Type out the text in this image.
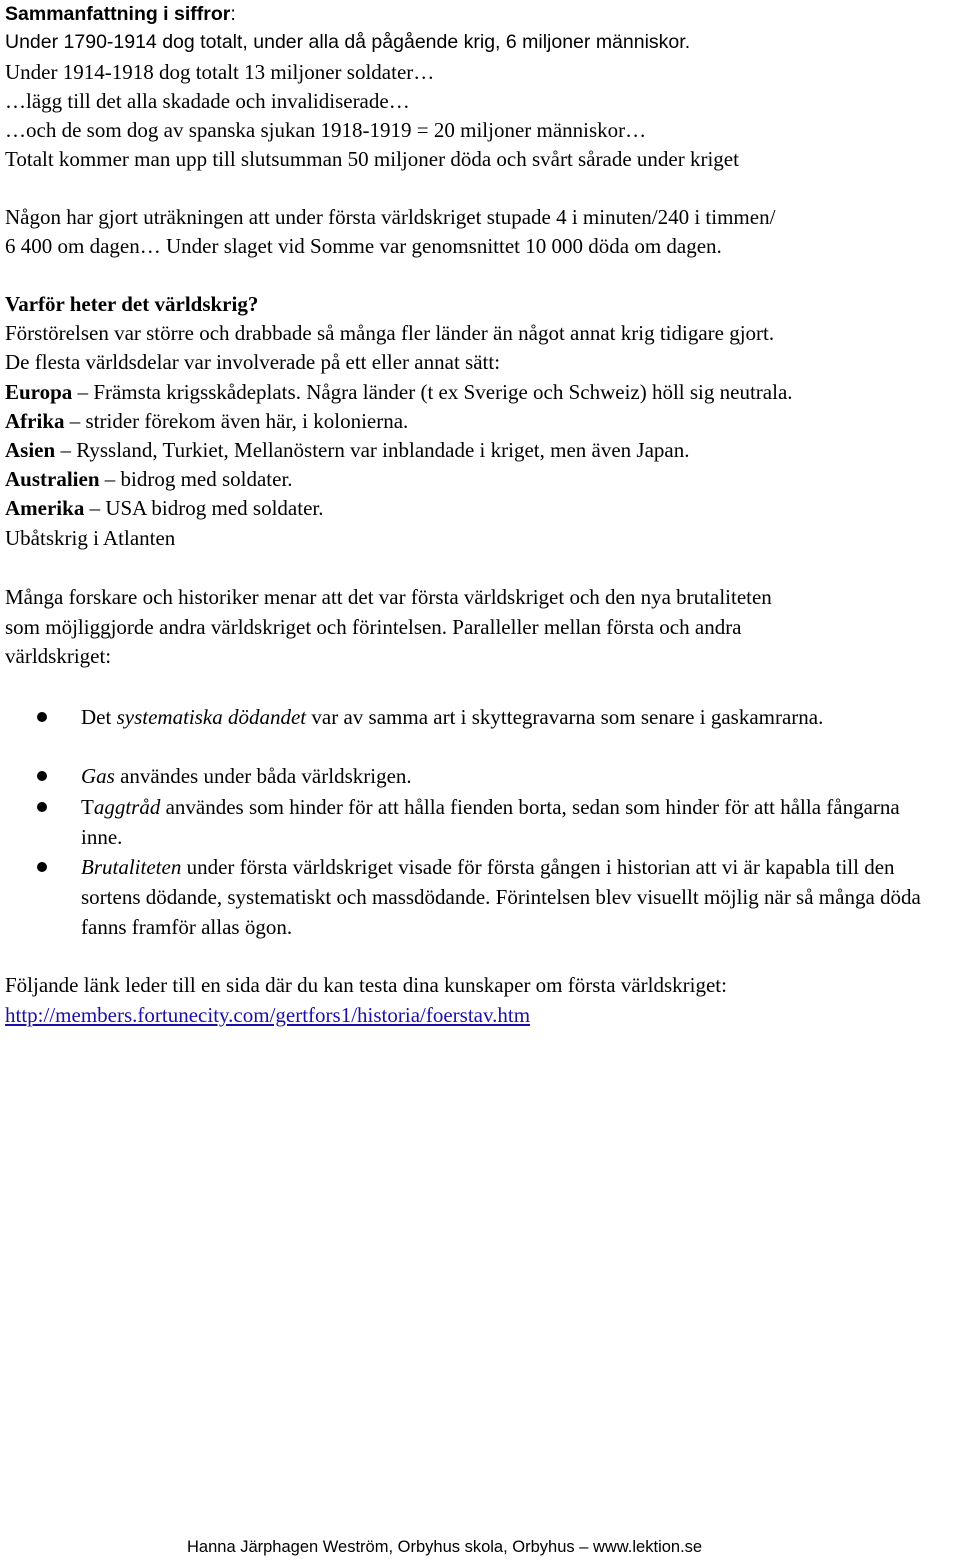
Sammanfattning i siffror:
Under 1790-1914 dog totalt, under alla då pågående krig, 6 miljoner människor.
Under 1914-1918 dog totalt 13 miljoner soldater…
…lägg till det alla skadade och invalidiserade…
…och de som dog av spanska sjukan 1918-1919 = 20 miljoner människor…
Totalt kommer man upp till slutsumman 50 miljoner döda och svårt sårade under kriget
Någon har gjort uträkningen att under första världskriget stupade 4 i minuten/240 i timmen/
6 400 om dagen… Under slaget vid Somme var genomsnittet 10 000 döda om dagen.
Varför heter det världskrig?
Förstörelsen var större och drabbade så många fler länder än något annat krig tidigare gjort.
De flesta världsdelar var involverade på ett eller annat sätt:
Europa – Främsta krigsskådeplats. Några länder (t ex Sverige och Schweiz) höll sig neutrala.
Afrika – strider förekom även här, i kolonierna.
Asien – Ryssland, Turkiet, Mellanöstern var inblandade i kriget, men även Japan.
Australien – bidrog med soldater.
Amerika – USA bidrog med soldater.
Ubåtskrig i Atlanten
Många forskare och historiker menar att det var första världskriget och den nya brutaliteten
som möjliggjorde andra världskriget och förintelsen. Paralleller mellan första och andra
världskriget:
Det systematiska dödandet var av samma art i skyttegravarna som senare i gaskamrarna.
Gas användes under båda världskrigen.
Taggtråd användes som hinder för att hålla fienden borta, sedan som hinder för att hålla fångarna inne.
Brutaliteten under första världskriget visade för första gången i historian att vi är kapabla till den sortens dödande, systematiskt och massdödande. Förintelsen blev visuellt möjlig när så många döda fanns framför allas ögon.
Följande länk leder till en sida där du kan testa dina kunskaper om första världskriget:
http://members.fortunecity.com/gertfors1/historia/foerstav.htm
Hanna Järphagen Weström, Orbyhus skola, Orbyhus – www.lektion.se
